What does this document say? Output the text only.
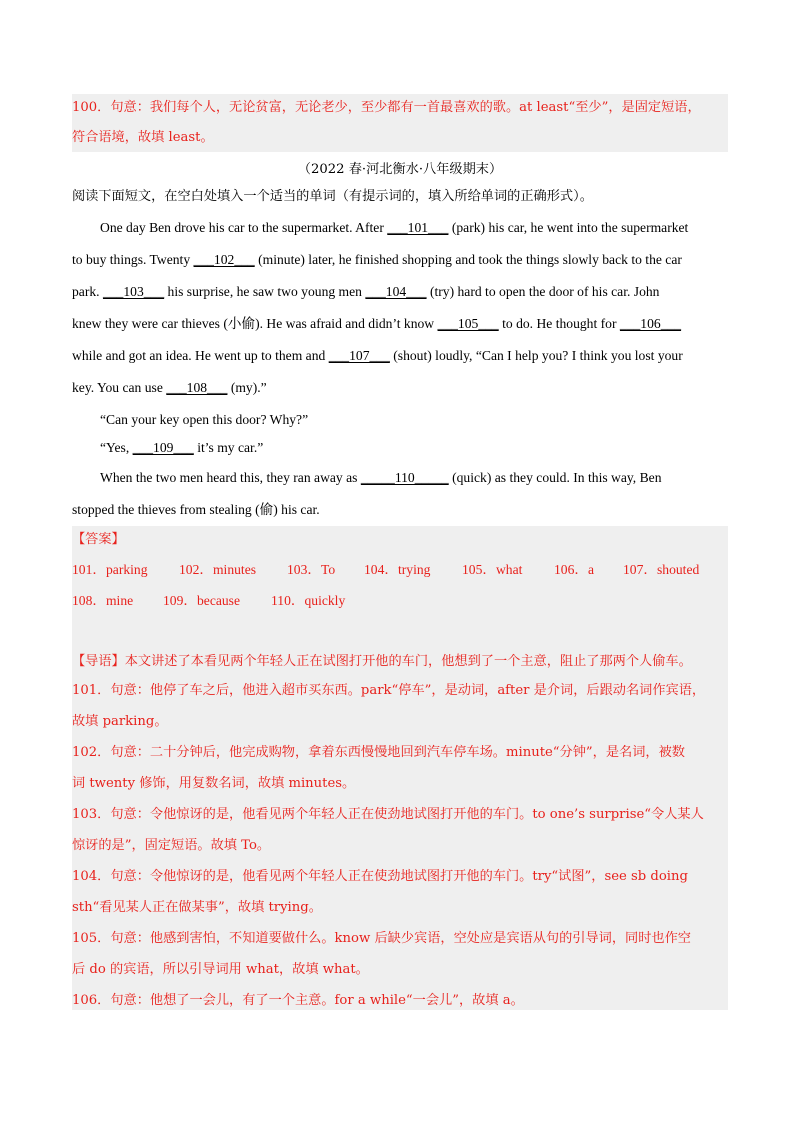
100．句意：我们每个人，无论贫富，无论老少，至少都有一首最喜欢的歌。at least“至少”，是固定短语，
符合语境，故填 least。
（2022 春·河北衡水·八年级期末）
阅读下面短文，在空白处填入一个适当的单词（有提示词的，填入所给单词的正确形式）。
One day Ben drove his car to the supermarket. After ___101___ (park) his car, he went into the supermarket
to buy things. Twenty ___102___ (minute) later, he finished shopping and took the things slowly back to the car
park. ___103___ his surprise, he saw two young men ___104___ (try) hard to open the door of his car. John
knew they were car thieves (小偷). He was afraid and didn’t know ___105___ to do. He thought for ___106___
while and got an idea. He went up to them and ___107___ (shout) loudly, “Can I help you? I think you lost your
key. You can use ___108___ (my).”
“Can your key open this door? Why?”
“Yes, ___109___ it’s my car.”
When the two men heard this, they ran away as _____110_____ (quick) as they could. In this way, Ben
stopped the thieves from stealing (偷) his car.
【答案】
101．parking 102．minutes 103．To 104．trying 105．what 106．a 107．shouted
108．mine 109．because 110．quickly
【导语】本文讲述了本看见两个年轻人正在试图打开他的车门，他想到了一个主意，阻止了那两个人偷车。
101．句意：他停了车之后，他进入超市买东西。park“停车”，是动词，after 是介词，后跟动名词作宾语，
故填 parking。
102．句意：二十分钟后，他完成购物，拿着东西慢慢地回到汽车停车场。minute“分钟”，是名词，被数
词 twenty 修饰，用复数名词，故填 minutes。
103．句意：令他惊讶的是，他看见两个年轻人正在使劲地试图打开他的车门。to one’s surprise“令人某人
惊讶的是”，固定短语。故填 To。
104．句意：令他惊讶的是，他看见两个年轻人正在使劲地试图打开他的车门。try“试图”，see sb doing
sth“看见某人正在做某事”，故填 trying。
105．句意：他感到害怕，不知道要做什么。know 后缺少宾语，空处应是宾语从句的引导词，同时也作空
后 do 的宾语，所以引导词用 what，故填 what。
106．句意：他想了一会儿，有了一个主意。for a while“一会儿”，故填 a。
